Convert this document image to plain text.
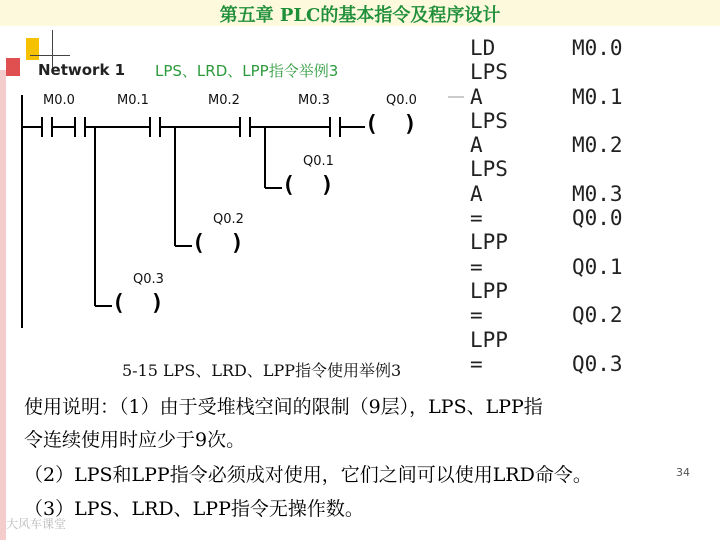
第五章 PLC的基本指令及程序设计
Network 1 LPS、LRD、LPP指令举例3
M0.0	M0.1	M0.2	M0.3	Q0.0
Q0.1
Q0.2
Q0.3
( )
( )
( )
( )
LD	M0.0
LPS
A	M0.1
LPS
A	M0.2
LPS
A	M0.3
=	Q0.0
LPP
=	Q0.1
LPP
=	Q0.2
LPP
=	Q0.3
5-15 LPS、LRD、LPP指令使用举例3
使用说明：（1）由于受堆栈空间的限制（9层），LPS、LPP指
令连续使用时应少于9次。
（2）LPS和LPP指令必须成对使用，它们之间可以使用LRD命令。
（3）LPS、LRD、LPP指令无操作数。
34
大风车课堂
